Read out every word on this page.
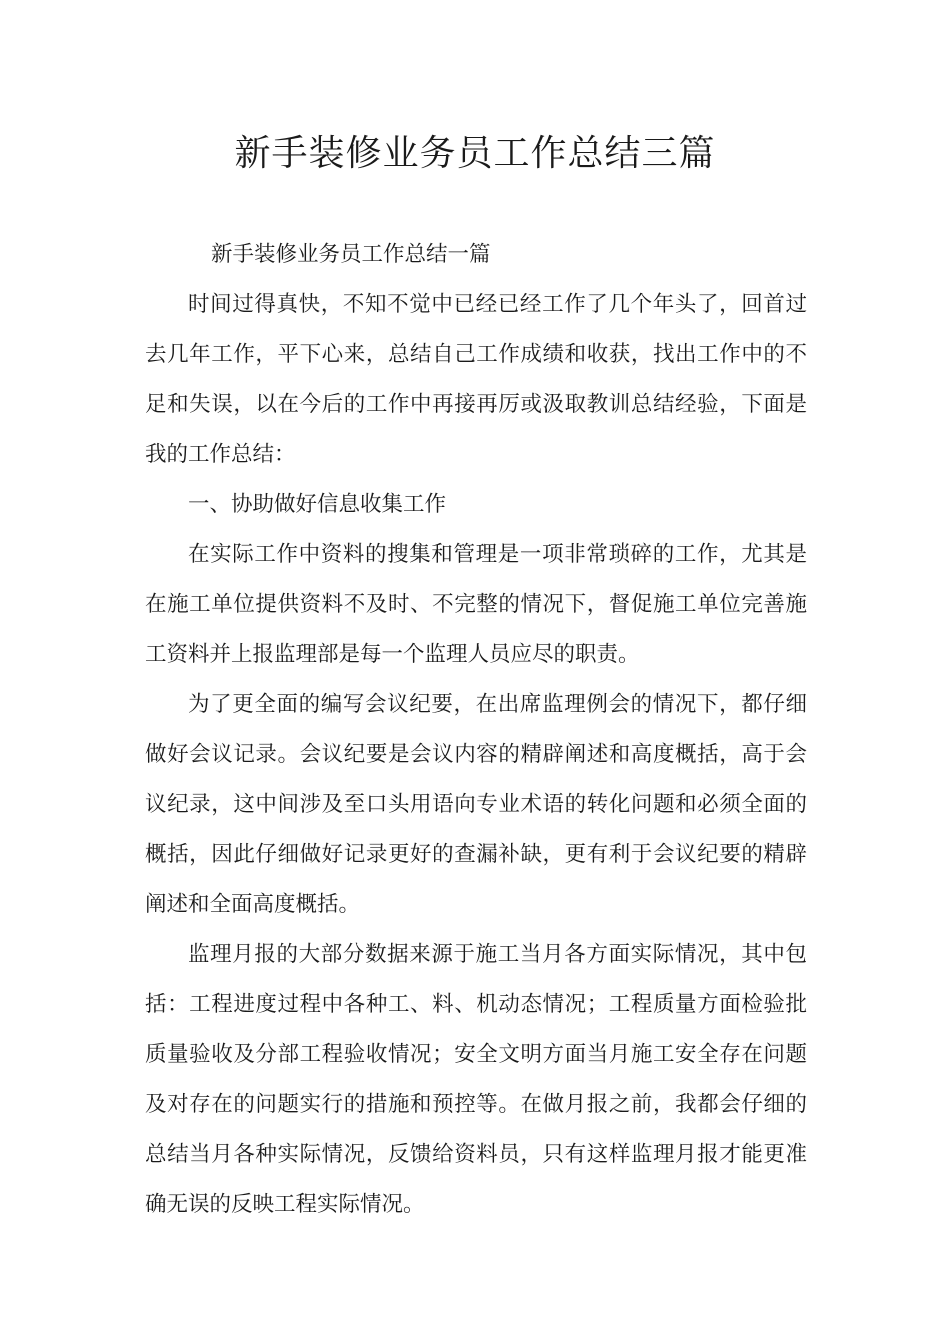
新手装修业务员工作总结三篇

新手装修业务员工作总结一篇

时间过得真快，不知不觉中已经已经工作了几个年头了，回首过去几年工作，平下心来，总结自己工作成绩和收获，找出工作中的不足和失误，以在今后的工作中再接再厉或汲取教训总结经验，下面是我的工作总结：

一、协助做好信息收集工作

在实际工作中资料的搜集和管理是一项非常琐碎的工作，尤其是在施工单位提供资料不及时、不完整的情况下，督促施工单位完善施工资料并上报监理部是每一个监理人员应尽的职责。

为了更全面的编写会议纪要，在出席监理例会的情况下，都仔细做好会议记录。会议纪要是会议内容的精辟阐述和高度概括，高于会议纪录，这中间涉及至口头用语向专业术语的转化问题和必须全面的概括，因此仔细做好记录更好的查漏补缺，更有利于会议纪要的精辟阐述和全面高度概括。

监理月报的大部分数据来源于施工当月各方面实际情况，其中包括：工程进度过程中各种工、料、机动态情况；工程质量方面检验批质量验收及分部工程验收情况；安全文明方面当月施工安全存在问题及对存在的问题实行的措施和预控等。在做月报之前，我都会仔细的总结当月各种实际情况，反馈给资料员，只有这样监理月报才能更准确无误的反映工程实际情况。
